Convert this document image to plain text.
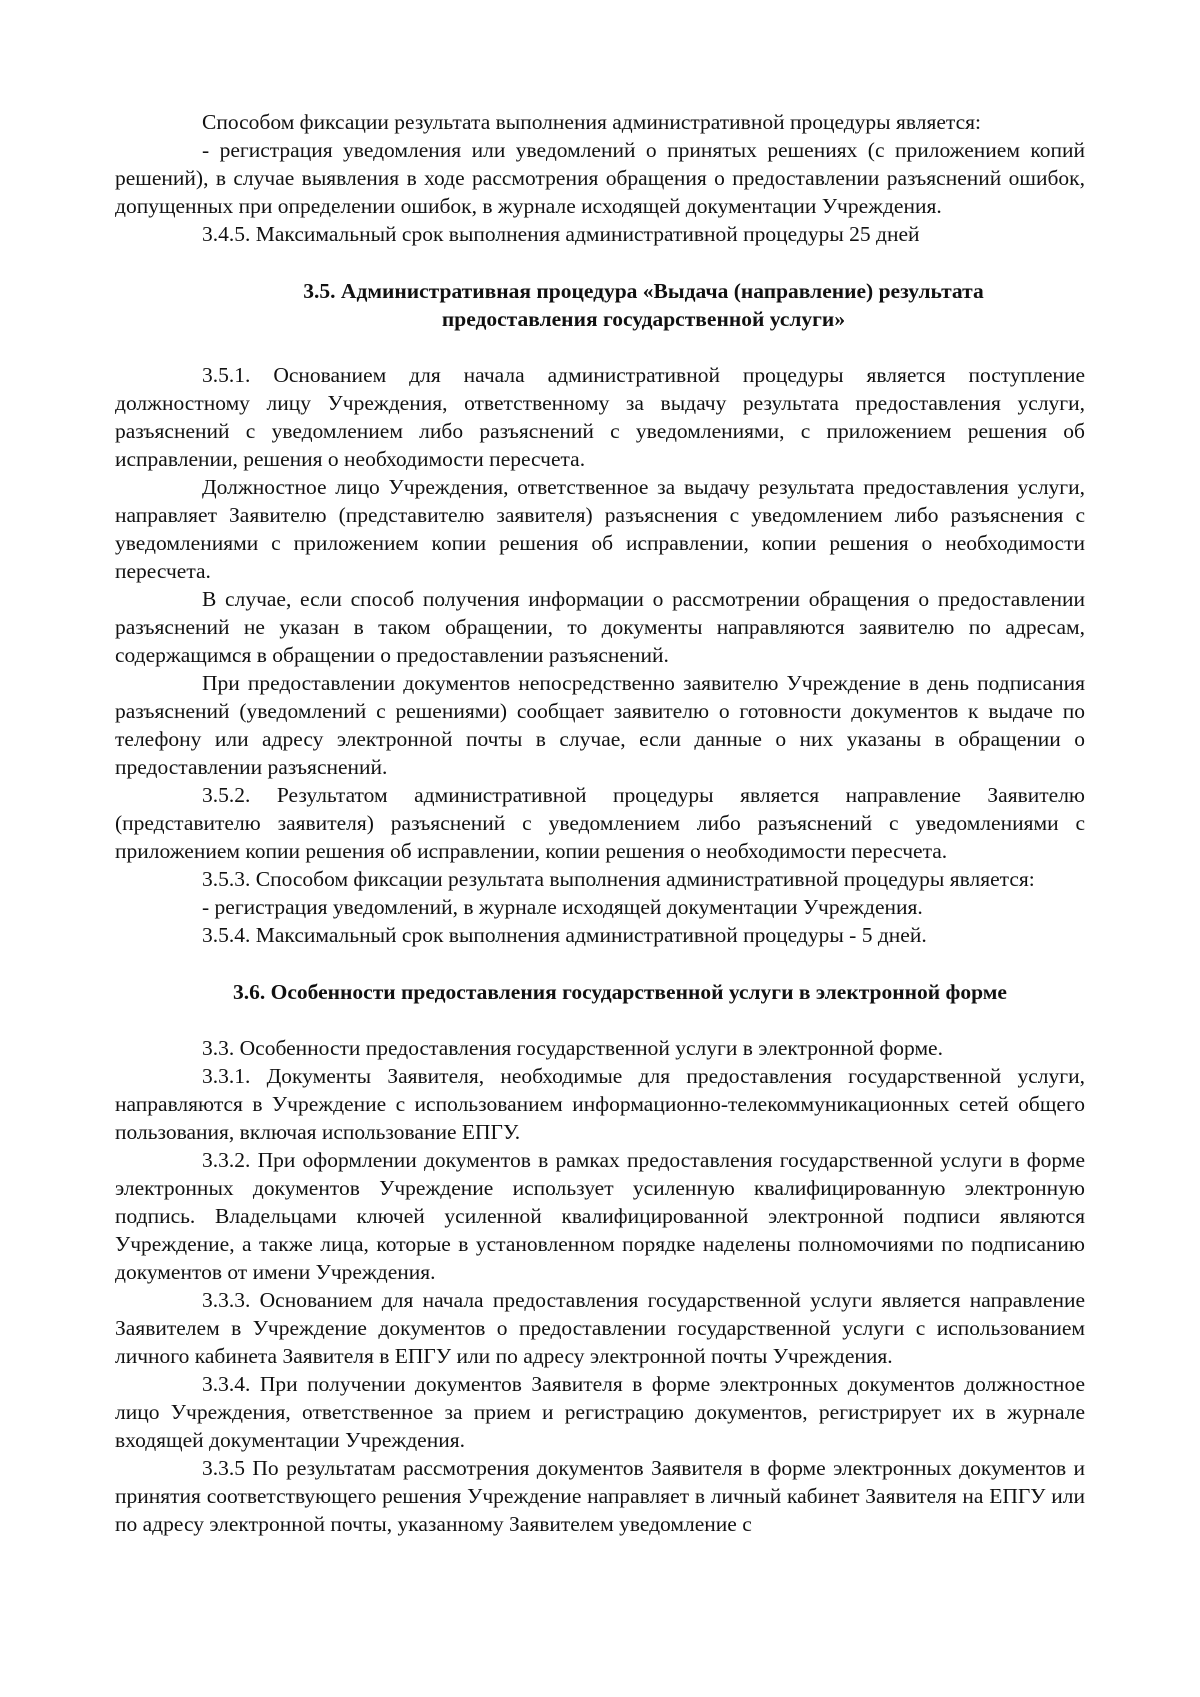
Способом фиксации результата выполнения административной процедуры является:

- регистрация уведомления или уведомлений о принятых решениях (с приложением копий решений), в случае выявления в ходе рассмотрения обращения о предоставлении разъяснений ошибок, допущенных при определении ошибок, в журнале исходящей документации Учреждения.

3.4.5. Максимальный срок выполнения административной процедуры 25 дней

3.5. Административная процедура «Выдача (направление) результата
предоставления государственной услуги»

3.5.1. Основанием для начала административной процедуры является поступление должностному лицу Учреждения, ответственному за выдачу результата предоставления услуги, разъяснений с уведомлением либо разъяснений с уведомлениями, с приложением решения об исправлении, решения о необходимости пересчета.

Должностное лицо Учреждения, ответственное за выдачу результата предоставления услуги, направляет Заявителю (представителю заявителя) разъяснения с уведомлением либо разъяснения с уведомлениями с приложением копии решения об исправлении, копии решения о необходимости пересчета.

В случае, если способ получения информации о рассмотрении обращения о предоставлении разъяснений не указан в таком обращении, то документы направляются заявителю по адресам, содержащимся в обращении о предоставлении разъяснений.

При предоставлении документов непосредственно заявителю Учреждение в день подписания разъяснений (уведомлений с решениями) сообщает заявителю о готовности документов к выдаче по телефону или адресу электронной почты в случае, если данные о них указаны в обращении о предоставлении разъяснений.

3.5.2. Результатом административной процедуры является направление Заявителю (представителю заявителя) разъяснений с уведомлением либо разъяснений с уведомлениями с приложением копии решения об исправлении, копии решения о необходимости пересчета.

3.5.3. Способом фиксации результата выполнения административной процедуры является:

- регистрация уведомлений, в журнале исходящей документации Учреждения.

3.5.4. Максимальный срок выполнения административной процедуры - 5 дней.

3.6. Особенности предоставления государственной услуги в электронной форме

3.3. Особенности предоставления государственной услуги в электронной форме.

3.3.1. Документы Заявителя, необходимые для предоставления государственной услуги, направляются в Учреждение с использованием информационно-телекоммуникационных сетей общего пользования, включая использование ЕПГУ.

3.3.2. При оформлении документов в рамках предоставления государственной услуги в форме электронных документов Учреждение использует усиленную квалифицированную электронную подпись. Владельцами ключей усиленной квалифицированной электронной подписи являются Учреждение, а также лица, которые в установленном порядке наделены полномочиями по подписанию документов от имени Учреждения.

3.3.3. Основанием для начала предоставления государственной услуги является направление Заявителем в Учреждение документов о предоставлении государственной услуги с использованием личного кабинета Заявителя в ЕПГУ или по адресу электронной почты Учреждения.

3.3.4. При получении документов Заявителя в форме электронных документов должностное лицо Учреждения, ответственное за прием и регистрацию документов, регистрирует их в журнале входящей документации Учреждения.

3.3.5 По результатам рассмотрения документов Заявителя в форме электронных документов и принятия соответствующего решения Учреждение направляет в личный кабинет Заявителя на ЕПГУ или по адресу электронной почты, указанному Заявителем уведомление с
